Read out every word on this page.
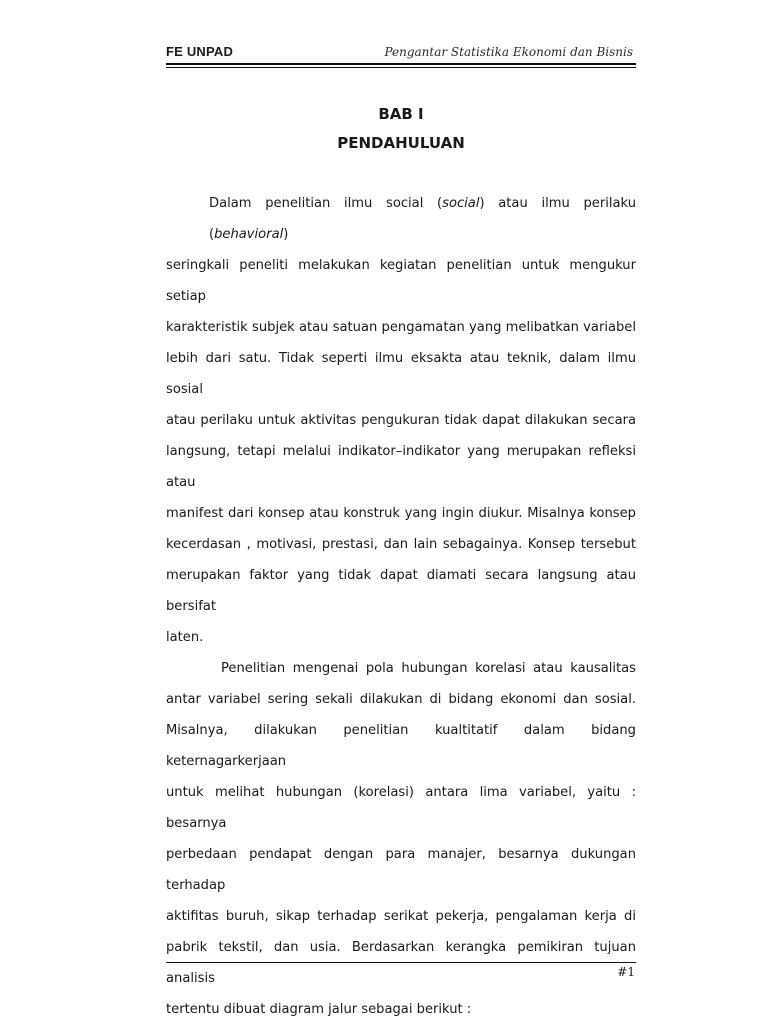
FE UNPAD	Pengantar Statistika Ekonomi dan Bisnis
BAB I
PENDAHULUAN
Dalam penelitian ilmu social (social) atau ilmu perilaku (behavioral)
seringkali peneliti melakukan kegiatan penelitian untuk mengukur setiap
karakteristik subjek atau satuan pengamatan yang melibatkan variabel
lebih dari satu. Tidak seperti ilmu eksakta atau teknik, dalam ilmu sosial
atau perilaku untuk aktivitas pengukuran tidak dapat dilakukan secara
langsung, tetapi melalui indikator–indikator yang merupakan refleksi atau
manifest dari konsep atau konstruk yang ingin diukur. Misalnya konsep
kecerdasan , motivasi, prestasi, dan lain sebagainya. Konsep tersebut
merupakan faktor yang tidak dapat diamati secara langsung atau bersifat
laten.
Penelitian mengenai pola hubungan korelasi atau kausalitas
antar variabel sering sekali dilakukan di bidang ekonomi dan sosial.
Misalnya, dilakukan penelitian kualtitatif dalam bidang keternagarkerjaan
untuk melihat hubungan (korelasi) antara lima variabel, yaitu : besarnya
perbedaan pendapat dengan para manajer, besarnya dukungan terhadap
aktifitas buruh, sikap terhadap serikat pekerja, pengalaman kerja di
pabrik tekstil, dan usia. Berdasarkan kerangka pemikiran tujuan analisis
tertentu dibuat diagram jalur sebagai berikut :
#1
